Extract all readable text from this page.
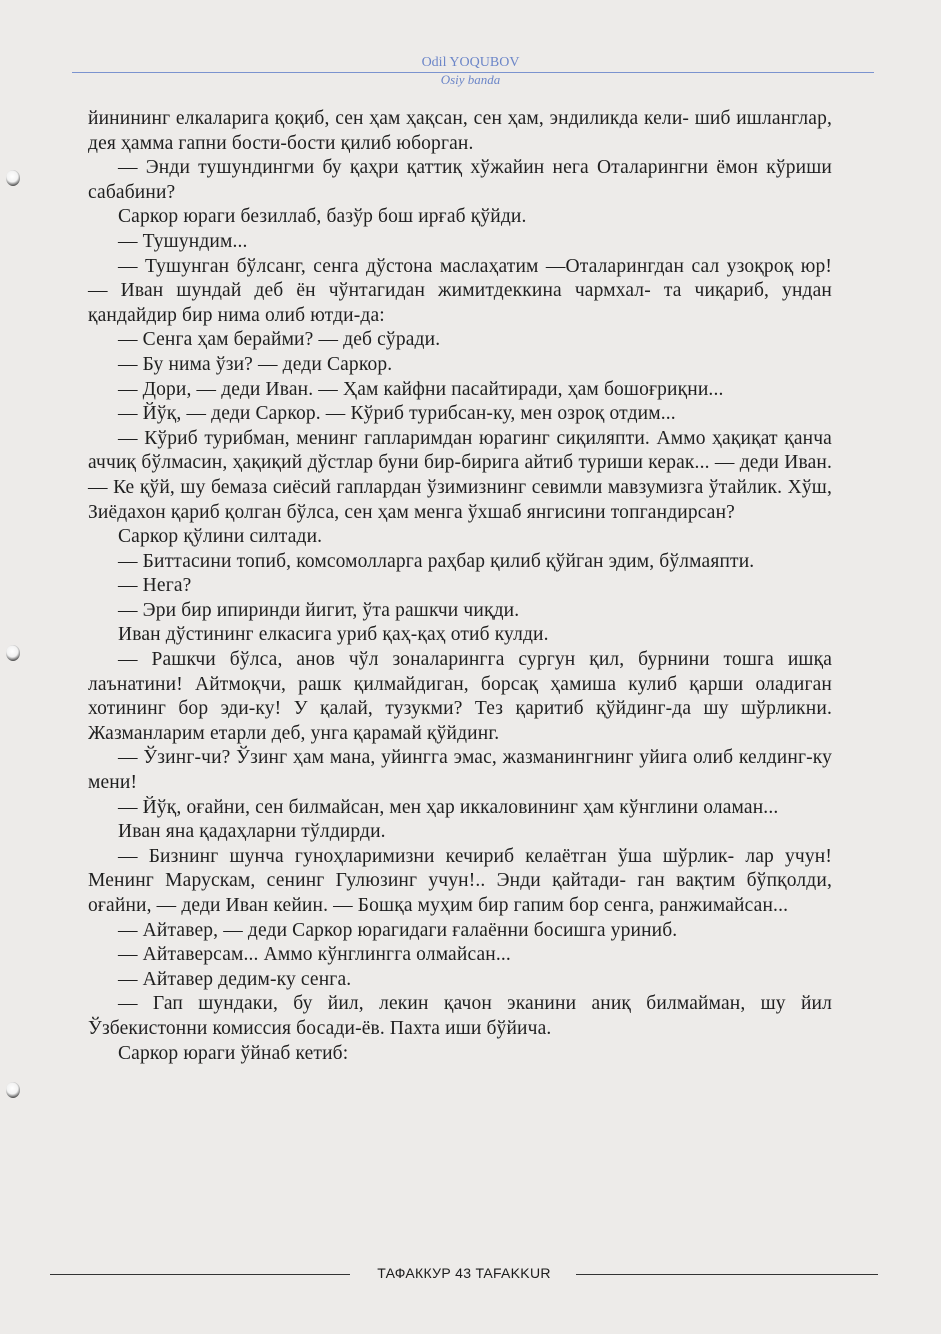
Odil YOQUBOV
Osiy banda

йинининг елкаларига қоқиб, сен ҳам ҳақсан, сен ҳам, эндиликда кели- шиб ишланглар, дея ҳамма гапни бости-бости қилиб юборган.

— Энди тушундингми бу қаҳри қаттиқ хўжайин нега Оталарингни ёмон кўриши сабабини?

Саркор юраги безиллаб, базўр бош ирғаб қўйди.

— Тушундим...

— Тушунган бўлсанг, сенга дўстона маслаҳатим —Оталарингдан сал узоқроқ юр! — Иван шундай деб ён чўнтагидан жимитдеккина чармхал- та чиқариб, ундан қандайдир бир нима олиб ютди-да:

— Сенга ҳам берайми? — деб сўради.

— Бу нима ўзи? — деди Саркор.

— Дори, — деди Иван. — Ҳам кайфни пасайтиради, ҳам бошоғриқни...

— Йўқ, — деди Саркор. — Кўриб турибсан-ку, мен озроқ отдим...

— Кўриб турибман, менинг гапларимдан юрагинг сиқиляпти. Аммо ҳақиқат қанча аччиқ бўлмасин, ҳақиқий дўстлар буни бир-бирига айтиб туриши керак... — деди Иван. — Ке қўй, шу бемаза сиёсий гаплардан ўзимизнинг севимли мавзумизга ўтайлик. Хўш, Зиёдахон қариб қолган бўлса, сен ҳам менга ўхшаб янгисини топгандирсан?

Саркор қўлини силтади.

— Биттасини топиб, комсомолларга раҳбар қилиб қўйган эдим, бўлмаяпти.

— Нега?

— Эри бир ипиринди йигит, ўта рашкчи чиқди.

Иван дўстининг елкасига уриб қаҳ-қаҳ отиб кулди.

— Рашкчи бўлса, анов чўл зоналарингга сургун қил, бурнини тошга ишқа лаънатини! Айтмоқчи, рашк қилмайдиган, борсақ ҳамиша кулиб қарши оладиган хотининг бор эди-ку! У қалай, тузукми? Тез қаритиб қўйдинг-да шу шўрликни. Жазманларим етарли деб, унга қарамай қўйдинг.

— Ўзинг-чи? Ўзинг ҳам мана, уйингга эмас, жазманингнинг уйига олиб келдинг-ку мени!

— Йўқ, оғайни, сен билмайсан, мен ҳар иккаловининг ҳам кўнглини оламан...

Иван яна қадаҳларни тўлдирди.

— Бизнинг шунча гуноҳларимизни кечириб келаётган ўша шўрлик- лар учун! Менинг Марускам, сенинг Гулюзинг учун!.. Энди қайтади- ган вақтим бўпқолди, оғайни, — деди Иван кейин. — Бошқа муҳим бир гапим бор сенга, ранжимайсан...

— Айтавер, — деди Саркор юрагидаги ғалаённи босишга уриниб.

— Айтаверсам... Аммо кўнглингга олмайсан...

— Айтавер дедим-ку сенга.

— Гап шундаки, бу йил, лекин қачон эканини аниқ билмайман, шу йил Ўзбекистонни комиссия босади-ёв. Пахта иши бўйича.

Саркор юраги ўйнаб кетиб:

ТАФАККУР 43 TAFAKKUR
